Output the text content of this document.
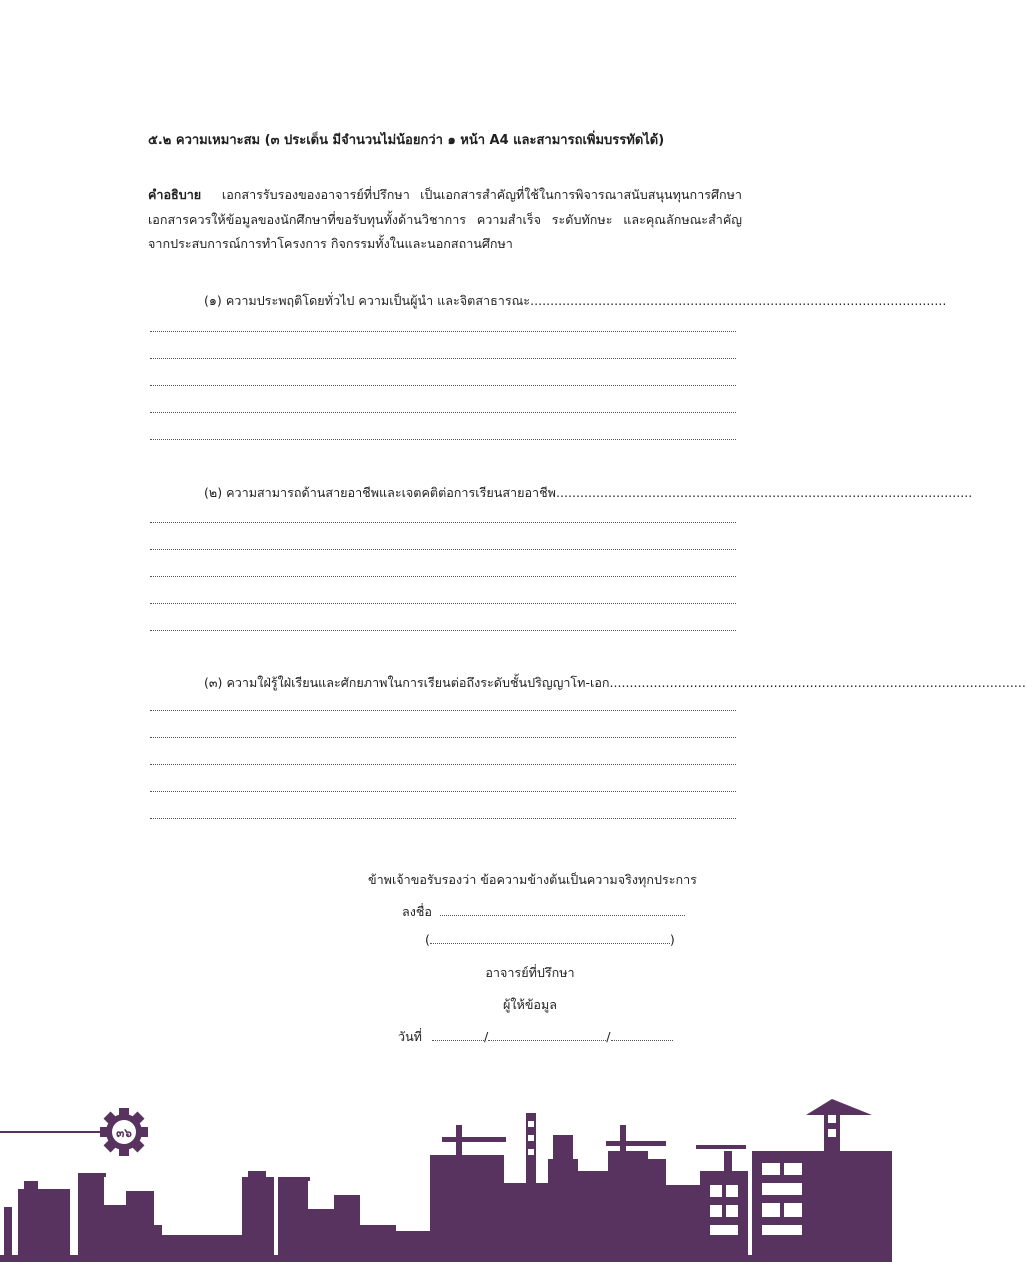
๕.๒ ความเหมาะสม (๓ ประเด็น มีจำนวนไม่น้อยกว่า ๑ หน้า A4 และสามารถเพิ่มบรรทัดได้)
คำอธิบาย เอกสารรับรองของอาจารย์ที่ปรึกษา เป็นเอกสารสำคัญที่ใช้ในการพิจารณาสนับสนุนทุนการศึกษา เอกสารควรให้ข้อมูลของนักศึกษาที่ขอรับทุนทั้งด้านวิชาการ ความสำเร็จ ระดับทักษะ และคุณลักษณะสำคัญจากประสบการณ์การทำโครงการ กิจกรรมทั้งในและนอกสถานศึกษา
(๑) ความประพฤติโดยทั่วไป ความเป็นผู้นำ และจิตสาธารณะ........................................................................................................
(๒) ความสามารถด้านสายอาชีพและเจตคติต่อการเรียนสายอาชีพ........................................................................................................
(๓) ความใฝ่รู้ใฝ่เรียนและศักยภาพในการเรียนต่อถึงระดับชั้นปริญญาโท-เอก........................................................................................................
ข้าพเจ้าขอรับรองว่า ข้อความข้างต้นเป็นความจริงทุกประการ
ลงชื่อ
(	)
อาจารย์ที่ปรึกษา
ผู้ให้ข้อมูล
วันที่	/	/
๓๖
